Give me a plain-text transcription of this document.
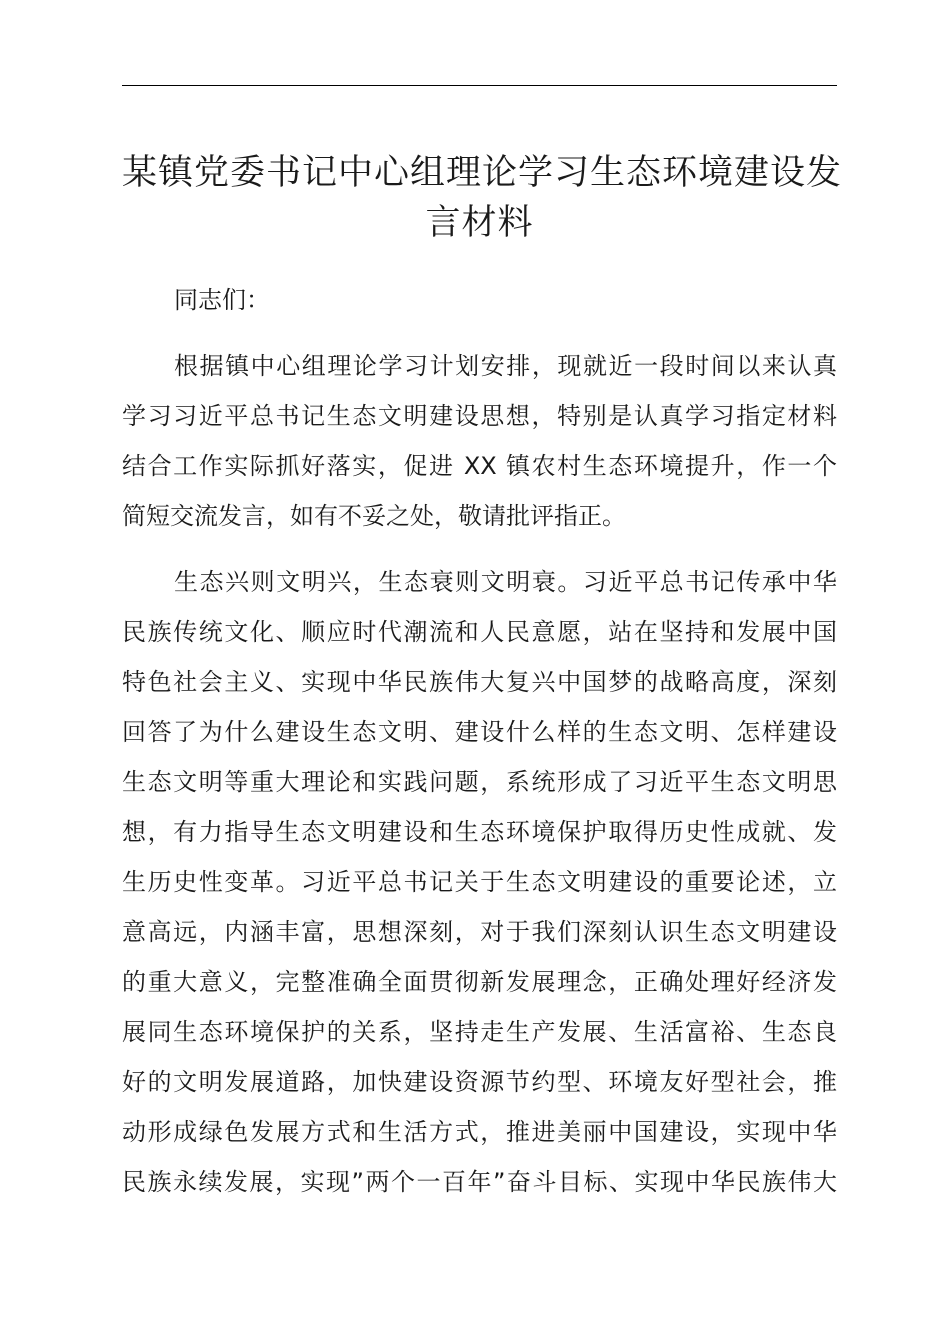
某镇党委书记中心组理论学习生态环境建设发
言材料

同志们：

根据镇中心组理论学习计划安排，现就近一段时间以来认真
学习习近平总书记生态文明建设思想，特别是认真学习指定材料
结合工作实际抓好落实，促进 XX 镇农村生态环境提升，作一个
简短交流发言，如有不妥之处，敬请批评指正。

生态兴则文明兴，生态衰则文明衰。习近平总书记传承中华
民族传统文化、顺应时代潮流和人民意愿，站在坚持和发展中国
特色社会主义、实现中华民族伟大复兴中国梦的战略高度，深刻
回答了为什么建设生态文明、建设什么样的生态文明、怎样建设
生态文明等重大理论和实践问题，系统形成了习近平生态文明思
想，有力指导生态文明建设和生态环境保护取得历史性成就、发
生历史性变革。习近平总书记关于生态文明建设的重要论述，立
意高远，内涵丰富，思想深刻，对于我们深刻认识生态文明建设
的重大意义，完整准确全面贯彻新发展理念，正确处理好经济发
展同生态环境保护的关系，坚持走生产发展、生活富裕、生态良
好的文明发展道路，加快建设资源节约型、环境友好型社会，推
动形成绿色发展方式和生活方式，推进美丽中国建设，实现中华
民族永续发展，实现”两个一百年”奋斗目标、实现中华民族伟大
